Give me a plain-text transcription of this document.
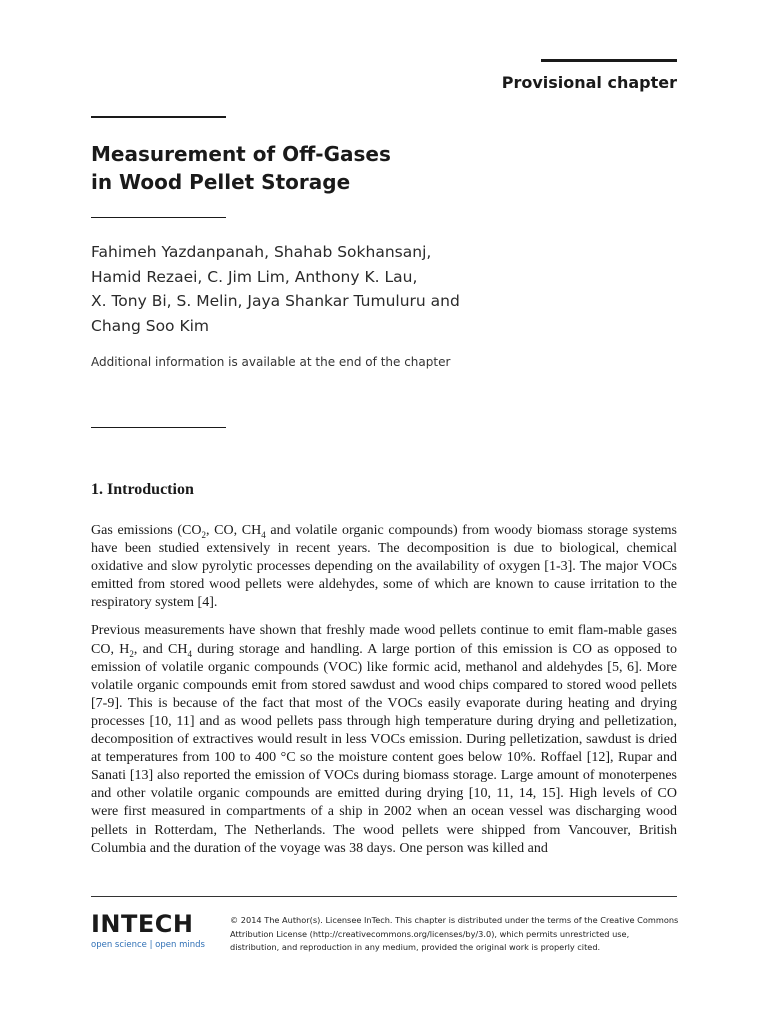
Provisional chapter
Measurement of Off-Gases
in Wood Pellet Storage
Fahimeh Yazdanpanah, Shahab Sokhansanj,
Hamid Rezaei, C. Jim Lim, Anthony K. Lau,
X. Tony Bi, S. Melin, Jaya Shankar Tumuluru and
Chang Soo Kim
Additional information is available at the end of the chapter
1. Introduction

Gas emissions ($CO_2$, CO, $CH_4$ and volatile organic compounds) from woody biomass storage systems have been studied extensively in recent years. The decomposition is due to biological, chemical oxidative and slow pyrolytic processes depending on the availability of oxygen [1-3]. The major VOCs emitted from stored wood pellets were aldehydes, some of which are known to cause irritation to the respiratory system [4].

Previous measurements have shown that freshly made wood pellets continue to emit flam-mable gases CO, $H_2$, and $CH_4$ during storage and handling. A large portion of this emission is CO as opposed to emission of volatile organic compounds (VOC) like formic acid, methanol and aldehydes [5, 6]. More volatile organic compounds emit from stored sawdust and wood chips compared to stored wood pellets [7-9]. This is because of the fact that most of the VOCs easily evaporate during heating and drying processes [10, 11] and as wood pellets pass through high temperature during drying and pelletization, decomposition of extractives would result in less VOCs emission. During pelletization, sawdust is dried at temperatures from 100 to 400 °C so the moisture content goes below 10%. Roffael [12], Rupar and Sanati [13] also reported the emission of VOCs during biomass storage. Large amount of monoterpenes and other volatile organic compounds are emitted during drying [10, 11, 14, 15]. High levels of CO were first measured in compartments of a ship in 2002 when an ocean vessel was discharging wood pellets in Rotterdam, The Netherlands. The wood pellets were shipped from Vancouver, British Columbia and the duration of the voyage was 38 days. One person was killed and

INTECH
open science | open minds
© 2014 The Author(s). Licensee InTech. This chapter is distributed under the terms of the Creative Commons Attribution License (http://creativecommons.org/licenses/by/3.0), which permits unrestricted use, distribution, and reproduction in any medium, provided the original work is properly cited.
